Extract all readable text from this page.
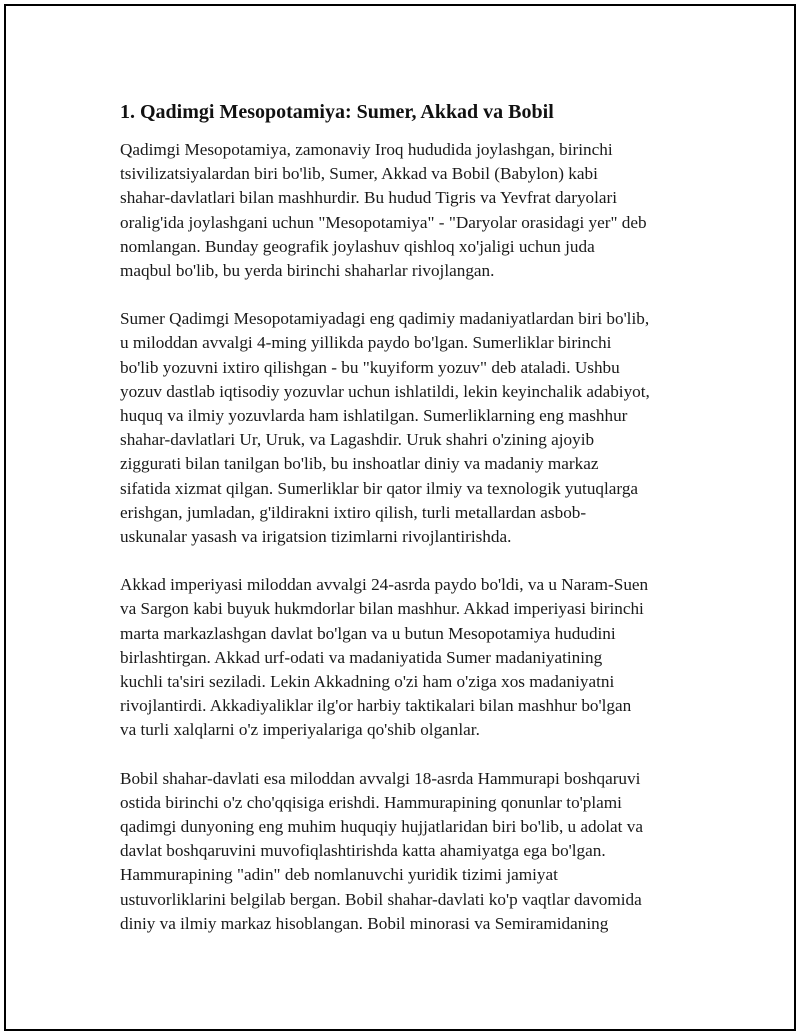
1. Qadimgi Mesopotamiya: Sumer, Akkad va Bobil
Qadimgi Mesopotamiya, zamonaviy Iroq hududida joylashgan, birinchi
tsivilizatsiyalardan biri bo'lib, Sumer, Akkad va Bobil (Babylon) kabi
shahar-davlatlari bilan mashhurdir. Bu hudud Tigris va Yevfrat daryolari
oralig'ida joylashgani uchun "Mesopotamiya" - "Daryolar orasidagi yer" deb
nomlangan. Bunday geografik joylashuv qishloq xo'jaligi uchun juda
maqbul bo'lib, bu yerda birinchi shaharlar rivojlangan.
Sumer Qadimgi Mesopotamiyadagi eng qadimiy madaniyatlardan biri bo'lib,
u miloddan avvalgi 4-ming yillikda paydo bo'lgan. Sumerliklar birinchi
bo'lib yozuvni ixtiro qilishgan - bu "kuyiform yozuv" deb ataladi. Ushbu
yozuv dastlab iqtisodiy yozuvlar uchun ishlatildi, lekin keyinchalik adabiyot,
huquq va ilmiy yozuvlarda ham ishlatilgan. Sumerliklarning eng mashhur
shahar-davlatlari Ur, Uruk, va Lagashdir. Uruk shahri o'zining ajoyib
ziggurati bilan tanilgan bo'lib, bu inshoatlar diniy va madaniy markaz
sifatida xizmat qilgan. Sumerliklar bir qator ilmiy va texnologik yutuqlarga
erishgan, jumladan, g'ildirakni ixtiro qilish, turli metallardan asbob-
uskunalar yasash va irigatsion tizimlarni rivojlantirishda.
Akkad imperiyasi miloddan avvalgi 24-asrda paydo bo'ldi, va u Naram-Suen
va Sargon kabi buyuk hukmdorlar bilan mashhur. Akkad imperiyasi birinchi
marta markazlashgan davlat bo'lgan va u butun Mesopotamiya hududini
birlashtirgan. Akkad urf-odati va madaniyatida Sumer madaniyatining
kuchli ta'siri seziladi. Lekin Akkadning o'zi ham o'ziga xos madaniyatni
rivojlantirdi. Akkadiyaliklar ilg'or harbiy taktikalari bilan mashhur bo'lgan
va turli xalqlarni o'z imperiyalariga qo'shib olganlar.
Bobil shahar-davlati esa miloddan avvalgi 18-asrda Hammurapi boshqaruvi
ostida birinchi o'z cho'qqisiga erishdi. Hammurapining qonunlar to'plami
qadimgi dunyoning eng muhim huquqiy hujjatlaridan biri bo'lib, u adolat va
davlat boshqaruvini muvofiqlashtirishda katta ahamiyatga ega bo'lgan.
Hammurapining "adin" deb nomlanuvchi yuridik tizimi jamiyat
ustuvorliklarini belgilab bergan. Bobil shahar-davlati ko'p vaqtlar davomida
diniy va ilmiy markaz hisoblangan. Bobil minorasi va Semiramidaning
